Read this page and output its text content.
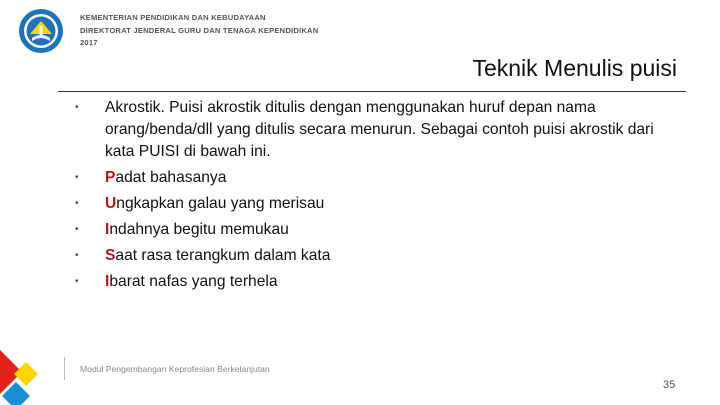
KEMENTERIAN PENDIDIKAN DAN KEBUDAYAAN
DIREKTORAT JENDERAL GURU DAN TENAGA KEPENDIDIKAN
2017
Teknik Menulis puisi
• Akrostik. Puisi akrostik ditulis dengan menggunakan huruf depan nama orang/benda/dll yang ditulis secara menurun. Sebagai contoh puisi akrostik dari kata PUISI di bawah ini.
• Padat bahasanya
• Ungkapkan galau yang merisau
• Indahnya begitu memukau
• Saat rasa terangkum dalam kata
• Ibarat nafas yang terhela
Modul Pengembangan Keprofesian Berkelanjutan
35
